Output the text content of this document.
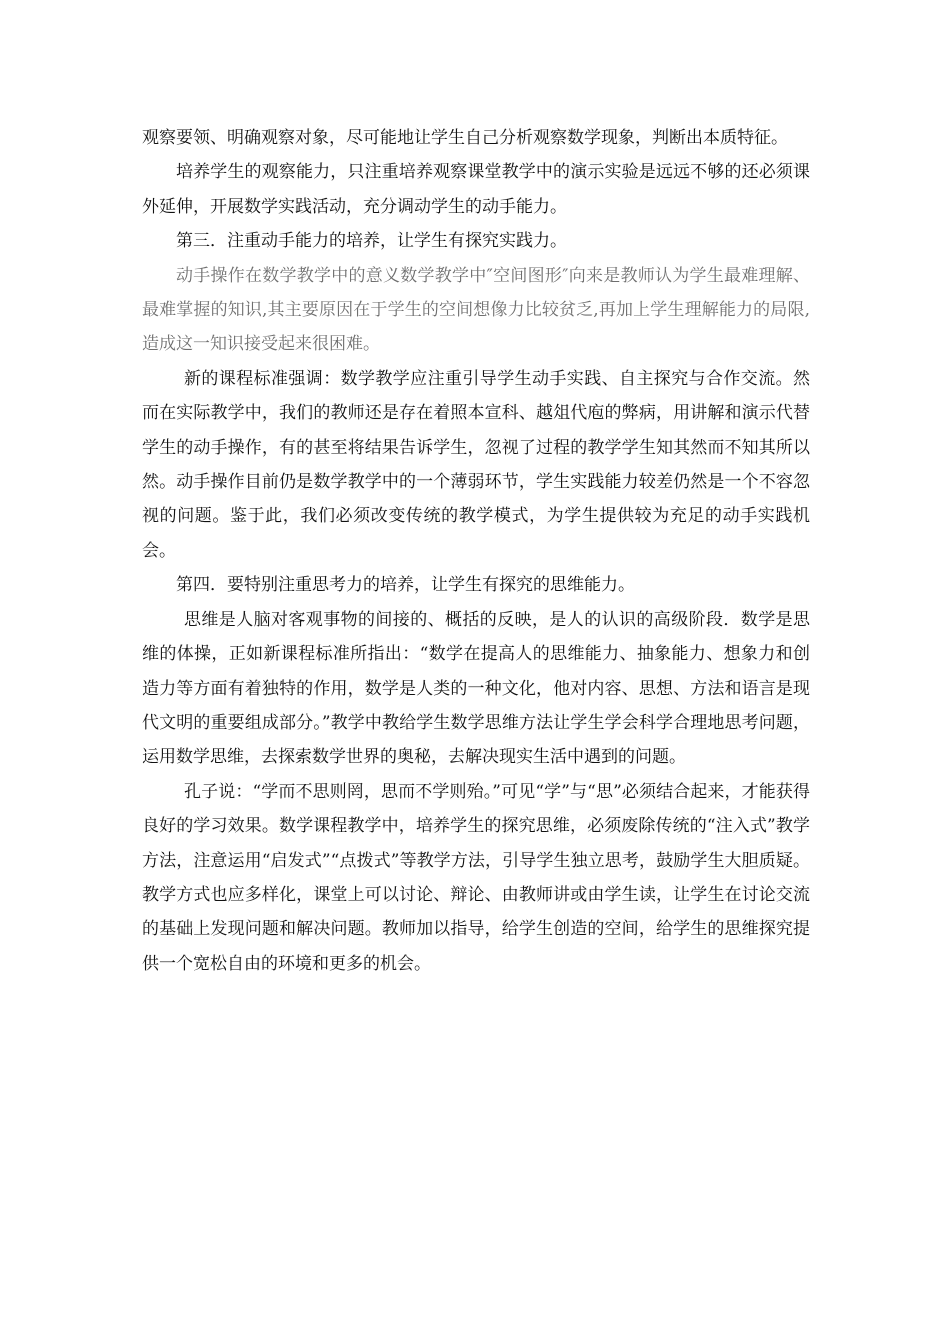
观察要领、明确观察对象，尽可能地让学生自己分析观察数学现象，判断出本质特征。

培养学生的观察能力，只注重培养观察课堂教学中的演示实验是远远不够的还必须课外延伸，开展数学实践活动，充分调动学生的动手能力。

第三．注重动手能力的培养，让学生有探究实践力。

动手操作在数学教学中的意义数学教学中″空间图形″向来是教师认为学生最难理解、最难掌握的知识,其主要原因在于学生的空间想像力比较贫乏,再加上学生理解能力的局限,造成这一知识接受起来很困难。

新的课程标准强调：数学教学应注重引导学生动手实践、自主探究与合作交流。然而在实际教学中，我们的教师还是存在着照本宣科、越俎代庖的弊病，用讲解和演示代替学生的动手操作，有的甚至将结果告诉学生，忽视了过程的教学学生知其然而不知其所以然。动手操作目前仍是数学教学中的一个薄弱环节，学生实践能力较差仍然是一个不容忽视的问题。鉴于此，我们必须改变传统的教学模式，为学生提供较为充足的动手实践机会。

第四．要特别注重思考力的培养，让学生有探究的思维能力。

思维是人脑对客观事物的间接的、概括的反映，是人的认识的高级阶段．数学是思维的体操，正如新课程标准所指出：“数学在提高人的思维能力、抽象能力、想象力和创造力等方面有着独特的作用，数学是人类的一种文化，他对内容、思想、方法和语言是现代文明的重要组成部分。”教学中教给学生数学思维方法让学生学会科学合理地思考问题，运用数学思维，去探索数学世界的奥秘，去解决现实生活中遇到的问题。

孔子说：“学而不思则罔，思而不学则殆。”可见“学”与“思”必须结合起来，才能获得良好的学习效果。数学课程教学中，培养学生的探究思维，必须废除传统的“注入式”教学方法，注意运用“启发式”“点拨式”等教学方法，引导学生独立思考，鼓励学生大胆质疑。教学方式也应多样化，课堂上可以讨论、辩论、由教师讲或由学生读，让学生在讨论交流的基础上发现问题和解决问题。教师加以指导，给学生创造的空间，给学生的思维探究提供一个宽松自由的环境和更多的机会。
